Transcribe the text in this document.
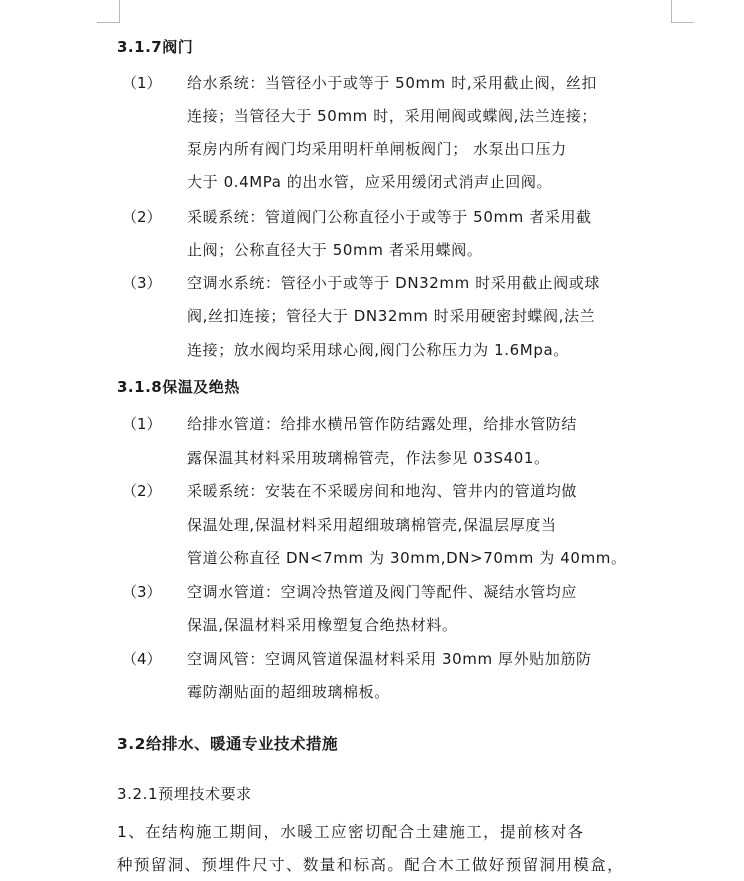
3.1.7阀门
（1） 给水系统：当管径小于或等于 50mm 时,采用截止阀，丝扣
连接；当管径大于 50mm 时，采用闸阀或蝶阀,法兰连接；
泵房内所有阀门均采用明杆单闸板阀门； 水泵出口压力
大于 0.4MPa 的出水管，应采用缓闭式消声止回阀。
（2） 采暖系统：管道阀门公称直径小于或等于 50mm 者采用截
止阀；公称直径大于 50mm 者采用蝶阀。
（3） 空调水系统：管径小于或等于 DN32mm 时采用截止阀或球
阀,丝扣连接；管径大于 DN32mm 时采用硬密封蝶阀,法兰
连接；放水阀均采用球心阀,阀门公称压力为 1.6Mpa。
3.1.8保温及绝热
（1） 给排水管道：给排水横吊管作防结露处理，给排水管防结
露保温其材料采用玻璃棉管壳，作法参见 03S401。
（2） 采暖系统：安装在不采暖房间和地沟、管井内的管道均做
保温处理,保温材料采用超细玻璃棉管壳,保温层厚度当
管道公称直径 DN<7mm 为 30mm,DN>70mm 为 40mm。
（3） 空调水管道：空调冷热管道及阀门等配件、凝结水管均应
保温,保温材料采用橡塑复合绝热材料。
（4） 空调风管：空调风管道保温材料采用 30mm 厚外贴加筋防
霉防潮贴面的超细玻璃棉板。
3.2给排水、暖通专业技术措施
3.2.1预埋技术要求
1、在结构施工期间，水暖工应密切配合土建施工，提前核对各
种预留洞、预埋件尺寸、数量和标高。配合木工做好预留洞用模盒，
